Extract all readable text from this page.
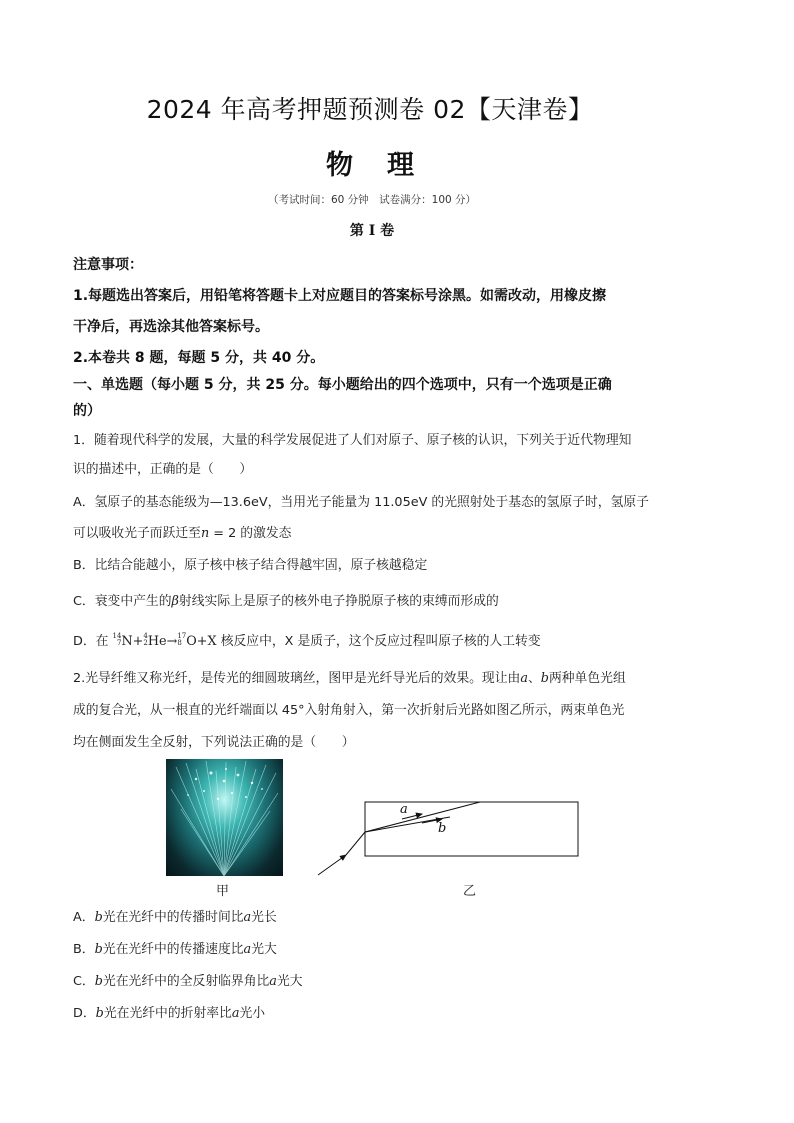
2024 年高考押题预测卷 02【天津卷】
物 理
（考试时间：60 分钟　试卷满分：100 分）
第 I 卷
注意事项：
1.每题选出答案后，用铅笔将答题卡上对应题目的答案标号涂黑。如需改动，用橡皮擦
干净后，再选涂其他答案标号。
2.本卷共 8 题，每题 5 分，共 40 分。
一、单选题（每小题 5 分，共 25 分。每小题给出的四个选项中，只有一个选项是正确
的）
1．随着现代科学的发展，大量的科学发展促进了人们对原子、原子核的认识，下列关于近代物理知
识的描述中，正确的是（　　）
A．氢原子的基态能级为—13.6eV，当用光子能量为 11.05eV 的光照射处于基态的氢原子时，氢原子
可以吸收光子而跃迁至n = 2 的激发态
B．比结合能越小，原子核中核子结合得越牢固，原子核越稳定
C．衰变中产生的β射线实际上是原子的核外电子挣脱原子核的束缚而形成的
D．在 14
7N+4
2He→17
8 O+X 核反应中，X 是质子，这个反应过程叫原子核的人工转变
2.光导纤维又称光纤，是传光的细圆玻璃丝，图甲是光纤导光后的效果。现让由a、b两种单色光组
成的复合光，从一根直的光纤端面以 45°入射角射入，第一次折射后光路如图乙所示，两束单色光
均在侧面发生全反射，下列说法正确的是（　　）
甲
a
b
乙
A．b光在光纤中的传播时间比a光长
B．b光在光纤中的传播速度比a光大
C．b光在光纤中的全反射临界角比a光大
D．b光在光纤中的折射率比a光小
